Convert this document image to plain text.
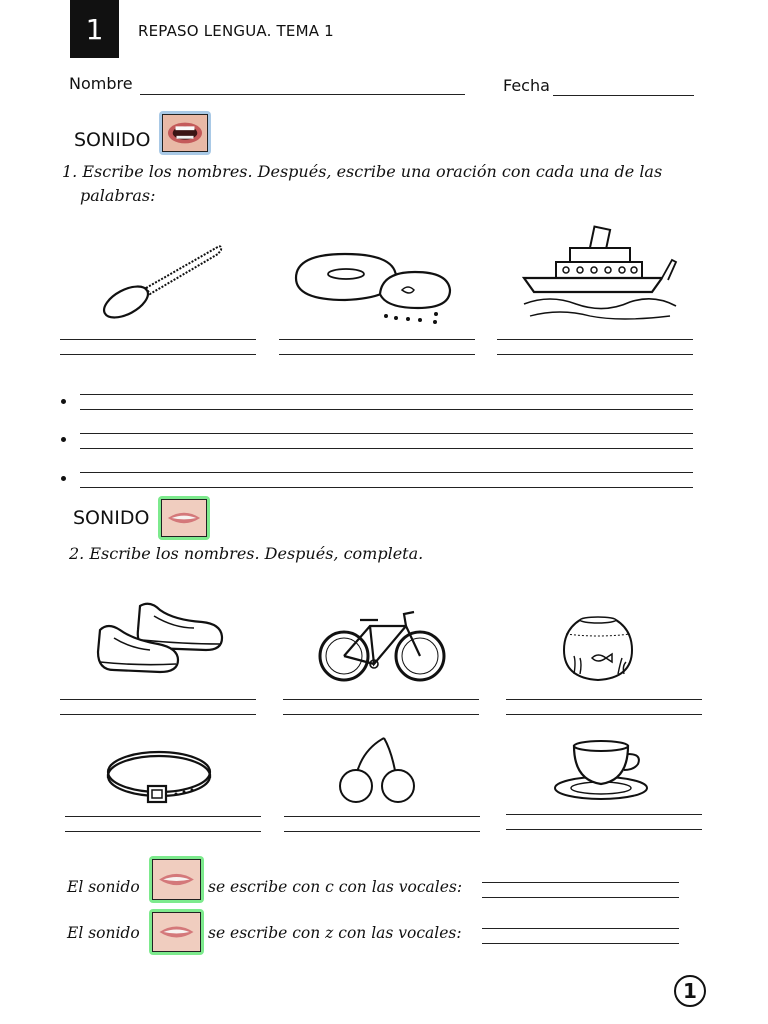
1 REPASO LENGUA. TEMA 1
Nombre	Fecha
SONIDO
1. Escribe los nombres. Después, escribe una oración con cada una de las
palabras:
SONIDO
2. Escribe los nombres. Después, completa.
El sonido	se escribe con c con las vocales:
El sonido	se escribe con z con las vocales:
1
